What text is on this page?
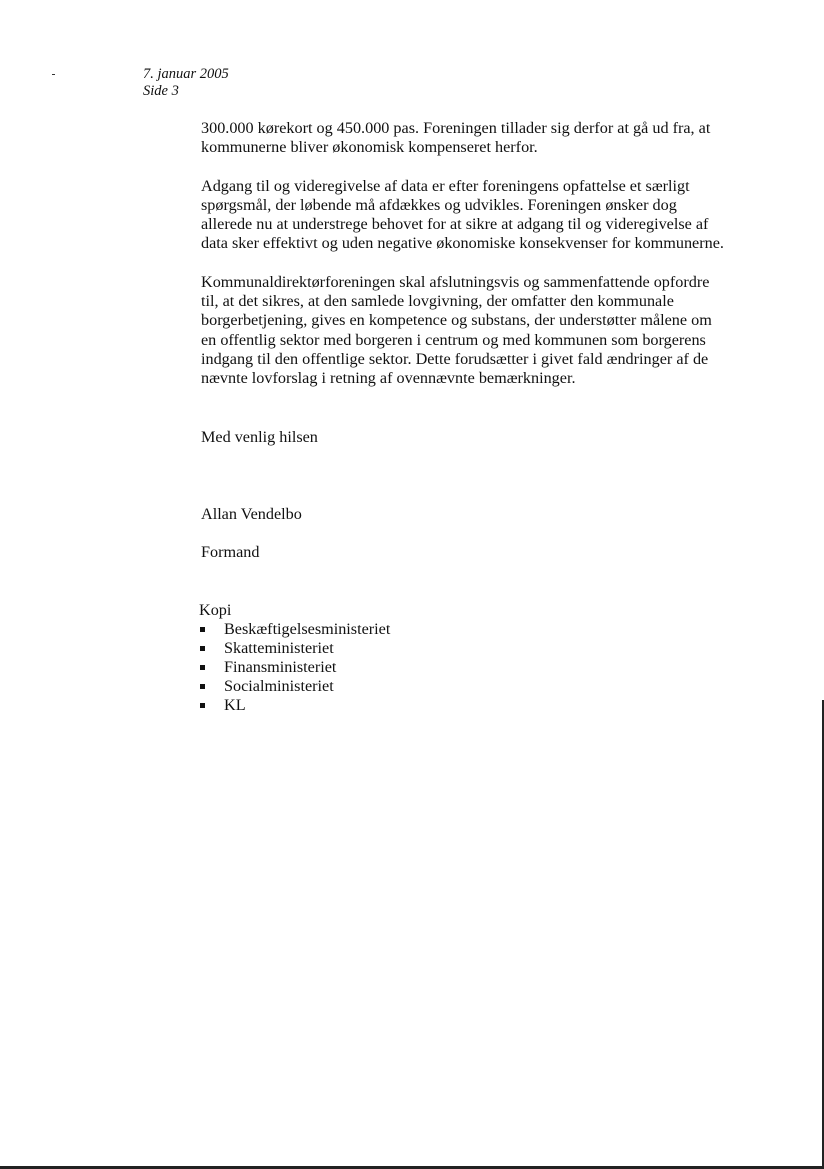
7. januar 2005
Side 3
300.000 kørekort og 450.000 pas. Foreningen tillader sig derfor at gå ud fra, at
kommunerne bliver økonomisk kompenseret herfor.
Adgang til og videregivelse af data er efter foreningens opfattelse et særligt
spørgsmål, der løbende må afdækkes og udvikles. Foreningen ønsker dog
allerede nu at understrege behovet for at sikre at adgang til og videregivelse af
data sker effektivt og uden negative økonomiske konsekvenser for kommunerne.
Kommunaldirektørforeningen skal afslutningsvis og sammenfattende opfordre
til, at det sikres, at den samlede lovgivning, der omfatter den kommunale
borgerbetjening, gives en kompetence og substans, der understøtter målene om
en offentlig sektor med borgeren i centrum og med kommunen som borgerens
indgang til den offentlige sektor. Dette forudsætter i givet fald ændringer af de
nævnte lovforslag i retning af ovennævnte bemærkninger.
Med venlig hilsen
Allan Vendelbo
Formand
Kopi
Beskæftigelsesministeriet
Skatteministeriet
Finansministeriet
Socialministeriet
KL
